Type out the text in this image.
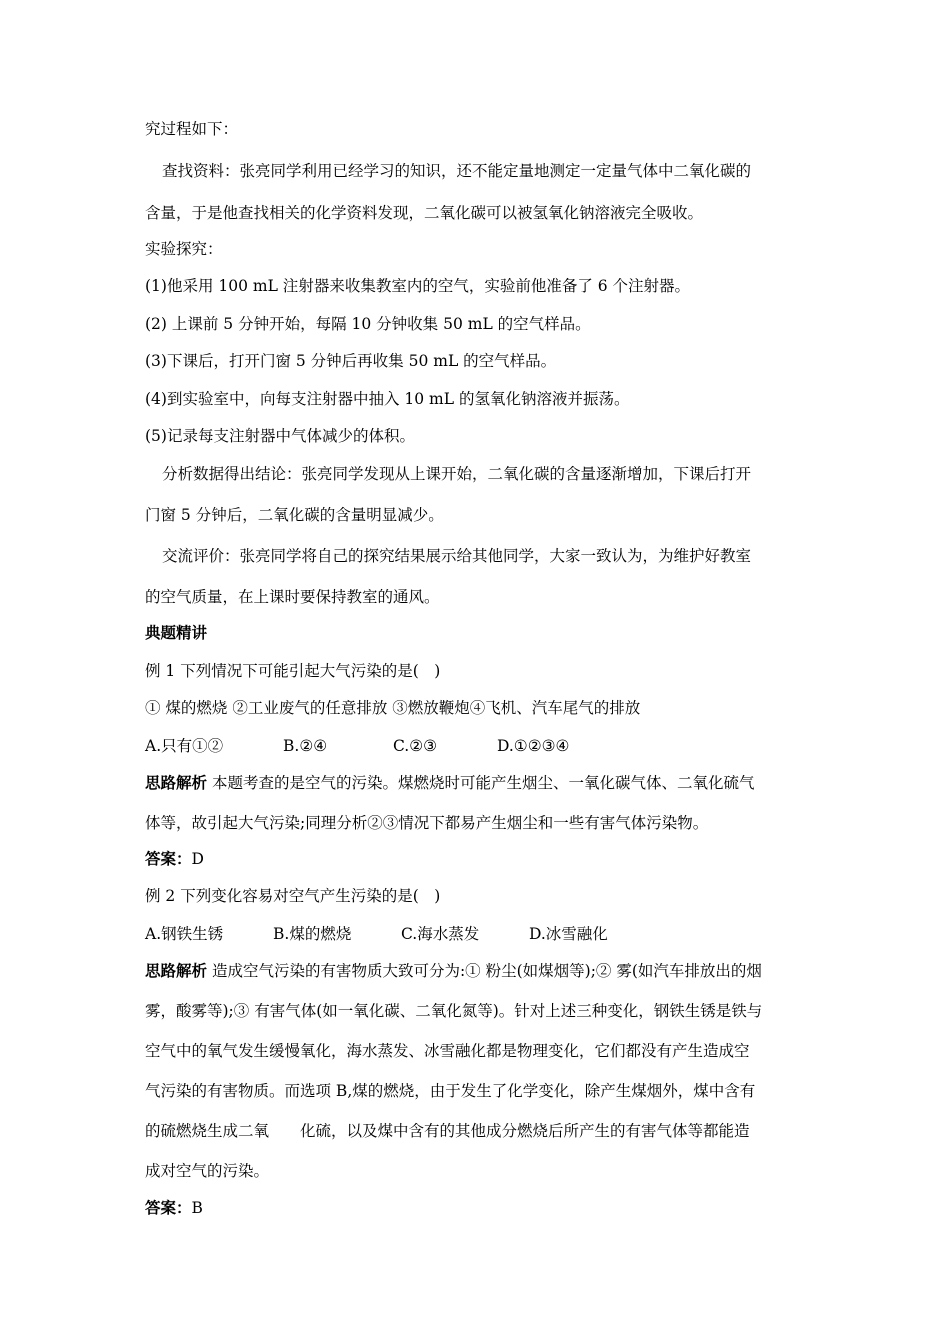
究过程如下：
查找资料：张亮同学利用已经学习的知识，还不能定量地测定一定量气体中二氧化碳的
含量，于是他查找相关的化学资料发现，二氧化碳可以被氢氧化钠溶液完全吸收。
实验探究：
(1)他采用 100 mL 注射器来收集教室内的空气，实验前他准备了 6 个注射器。
(2) 上课前 5 分钟开始，每隔 10 分钟收集 50 mL 的空气样品。
(3)下课后，打开门窗 5 分钟后再收集 50 mL 的空气样品。
(4)到实验室中，向每支注射器中抽入 10 mL 的氢氧化钠溶液并振荡。
(5)记录每支注射器中气体减少的体积。
分析数据得出结论：张亮同学发现从上课开始，二氧化碳的含量逐渐增加，下课后打开
门窗 5 分钟后，二氧化碳的含量明显减少。
交流评价：张亮同学将自己的探究结果展示给其他同学，大家一致认为，为维护好教室
的空气质量，在上课时要保持教室的通风。
典题精讲
例 1 下列情况下可能引起大气污染的是(　)
① 煤的燃烧 ②工业废气的任意排放 ③燃放鞭炮④飞机、汽车尾气的排放
A.只有①②	B.②④	C.②③	D.①②③④
思路解析 本题考查的是空气的污染。煤燃烧时可能产生烟尘、一氧化碳气体、二氧化硫气
体等，故引起大气污染;同理分析②③情况下都易产生烟尘和一些有害气体污染物。
答案：D
例 2 下列变化容易对空气产生污染的是(　)
A.钢铁生锈	B.煤的燃烧	C.海水蒸发	D.冰雪融化
思路解析 造成空气污染的有害物质大致可分为:① 粉尘(如煤烟等);② 雾(如汽车排放出的烟
雾，酸雾等);③ 有害气体(如一氧化碳、二氧化氮等)。针对上述三种变化，钢铁生锈是铁与
空气中的氧气发生缓慢氧化，海水蒸发、冰雪融化都是物理变化，它们都没有产生造成空
气污染的有害物质。而选项 B,煤的燃烧，由于发生了化学变化，除产生煤烟外，煤中含有
的硫燃烧生成二氧　　化硫，以及煤中含有的其他成分燃烧后所产生的有害气体等都能造
成对空气的污染。
答案：B
